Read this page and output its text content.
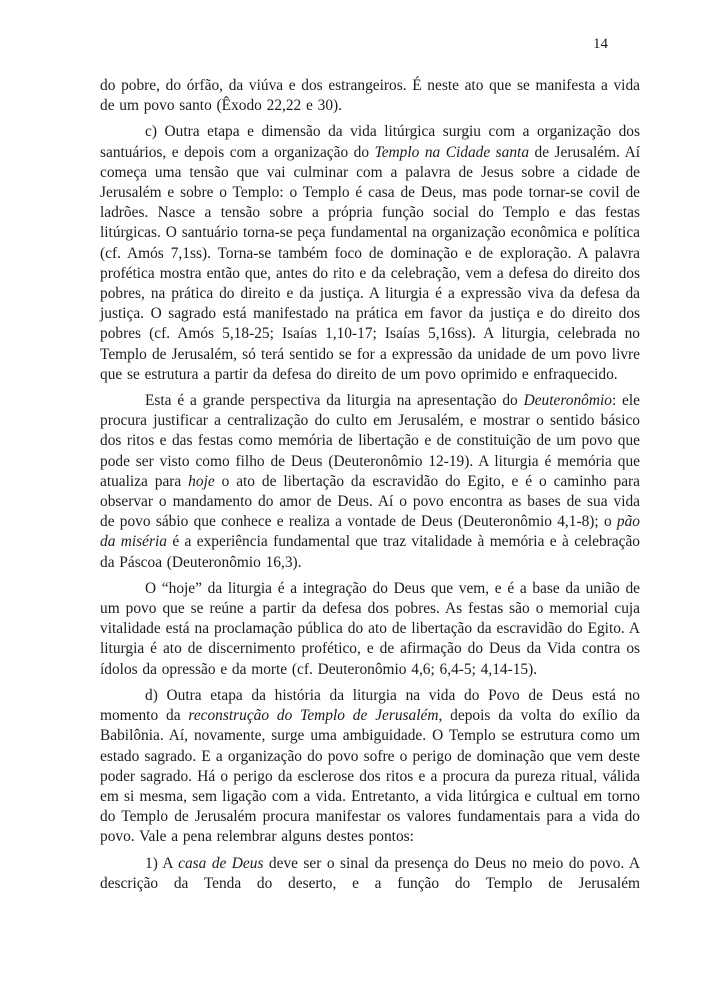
14

do pobre, do órfão, da viúva e dos estrangeiros. É neste ato que se manifesta a vida de um povo santo (Êxodo 22,22 e 30).

c) Outra etapa e dimensão da vida litúrgica surgiu com a organização dos santuários, e depois com a organização do Templo na Cidade santa de Jerusalém. Aí começa uma tensão que vai culminar com a palavra de Jesus sobre a cidade de Jerusalém e sobre o Templo: o Templo é casa de Deus, mas pode tornar-se covil de ladrões. Nasce a tensão sobre a própria função social do Templo e das festas litúrgicas. O santuário torna-se peça fundamental na organização econômica e política (cf. Amós 7,1ss). Torna-se também foco de dominação e de exploração. A palavra profética mostra então que, antes do rito e da celebração, vem a defesa do direito dos pobres, na prática do direito e da justiça. A liturgia é a expressão viva da defesa da justiça. O sagrado está manifestado na prática em favor da justiça e do direito dos pobres (cf. Amós 5,18-25; Isaías 1,10-17; Isaías 5,16ss). A liturgia, celebrada no Templo de Jerusalém, só terá sentido se for a expressão da unidade de um povo livre que se estrutura a partir da defesa do direito de um povo oprimido e enfraquecido.

Esta é a grande perspectiva da liturgia na apresentação do Deuteronômio: ele procura justificar a centralização do culto em Jerusalém, e mostrar o sentido básico dos ritos e das festas como memória de libertação e de constituição de um povo que pode ser visto como filho de Deus (Deuteronômio 12-19). A liturgia é memória que atualiza para hoje o ato de libertação da escravidão do Egito, e é o caminho para observar o mandamento do amor de Deus. Aí o povo encontra as bases de sua vida de povo sábio que conhece e realiza a vontade de Deus (Deuteronômio 4,1-8); o pão da miséria é a experiência fundamental que traz vitalidade à memória e à celebração da Páscoa (Deuteronômio 16,3).

O “hoje” da liturgia é a integração do Deus que vem, e é a base da união de um povo que se reúne a partir da defesa dos pobres. As festas são o memorial cuja vitalidade está na proclamação pública do ato de libertação da escravidão do Egito. A liturgia é ato de discernimento profético, e de afirmação do Deus da Vida contra os ídolos da opressão e da morte (cf. Deuteronômio 4,6; 6,4-5; 4,14-15).

d) Outra etapa da história da liturgia na vida do Povo de Deus está no momento da reconstrução do Templo de Jerusalém, depois da volta do exílio da Babilônia. Aí, novamente, surge uma ambiguidade. O Templo se estrutura como um estado sagrado. E a organização do povo sofre o perigo de dominação que vem deste poder sagrado. Há o perigo da esclerose dos ritos e a procura da pureza ritual, válida em si mesma, sem ligação com a vida. Entretanto, a vida litúrgica e cultual em torno do Templo de Jerusalém procura manifestar os valores fundamentais para a vida do povo. Vale a pena relembrar alguns destes pontos:

1) A casa de Deus deve ser o sinal da presença do Deus no meio do povo. A descrição da Tenda do deserto, e a função do Templo de Jerusalém
